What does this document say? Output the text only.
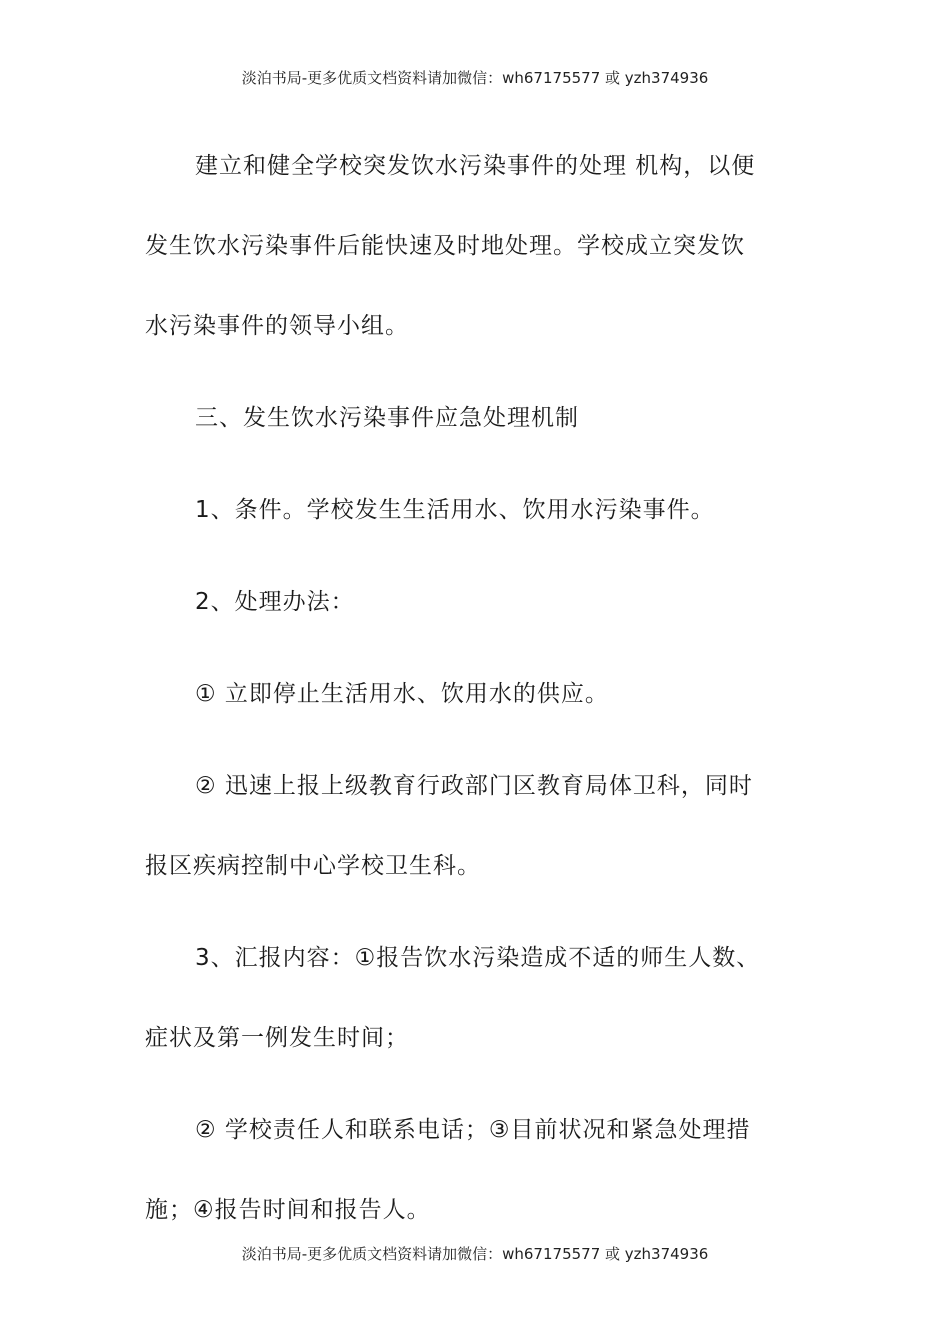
淡泊书局-更多优质文档资料请加微信：wh67175577 或 yzh374936

建立和健全学校突发饮水污染事件的处理 机构，以便

发生饮水污染事件后能快速及时地处理。学校成立突发饮

水污染事件的领导小组。

三、发生饮水污染事件应急处理机制

1、条件。学校发生生活用水、饮用水污染事件。

2、处理办法：

① 立即停止生活用水、饮用水的供应。

② 迅速上报上级教育行政部门区教育局体卫科，同时

报区疾病控制中心学校卫生科。

3、汇报内容：①报告饮水污染造成不适的师生人数、

症状及第一例发生时间；

② 学校责任人和联系电话；③目前状况和紧急处理措

施；④报告时间和报告人。

淡泊书局-更多优质文档资料请加微信：wh67175577 或 yzh374936
